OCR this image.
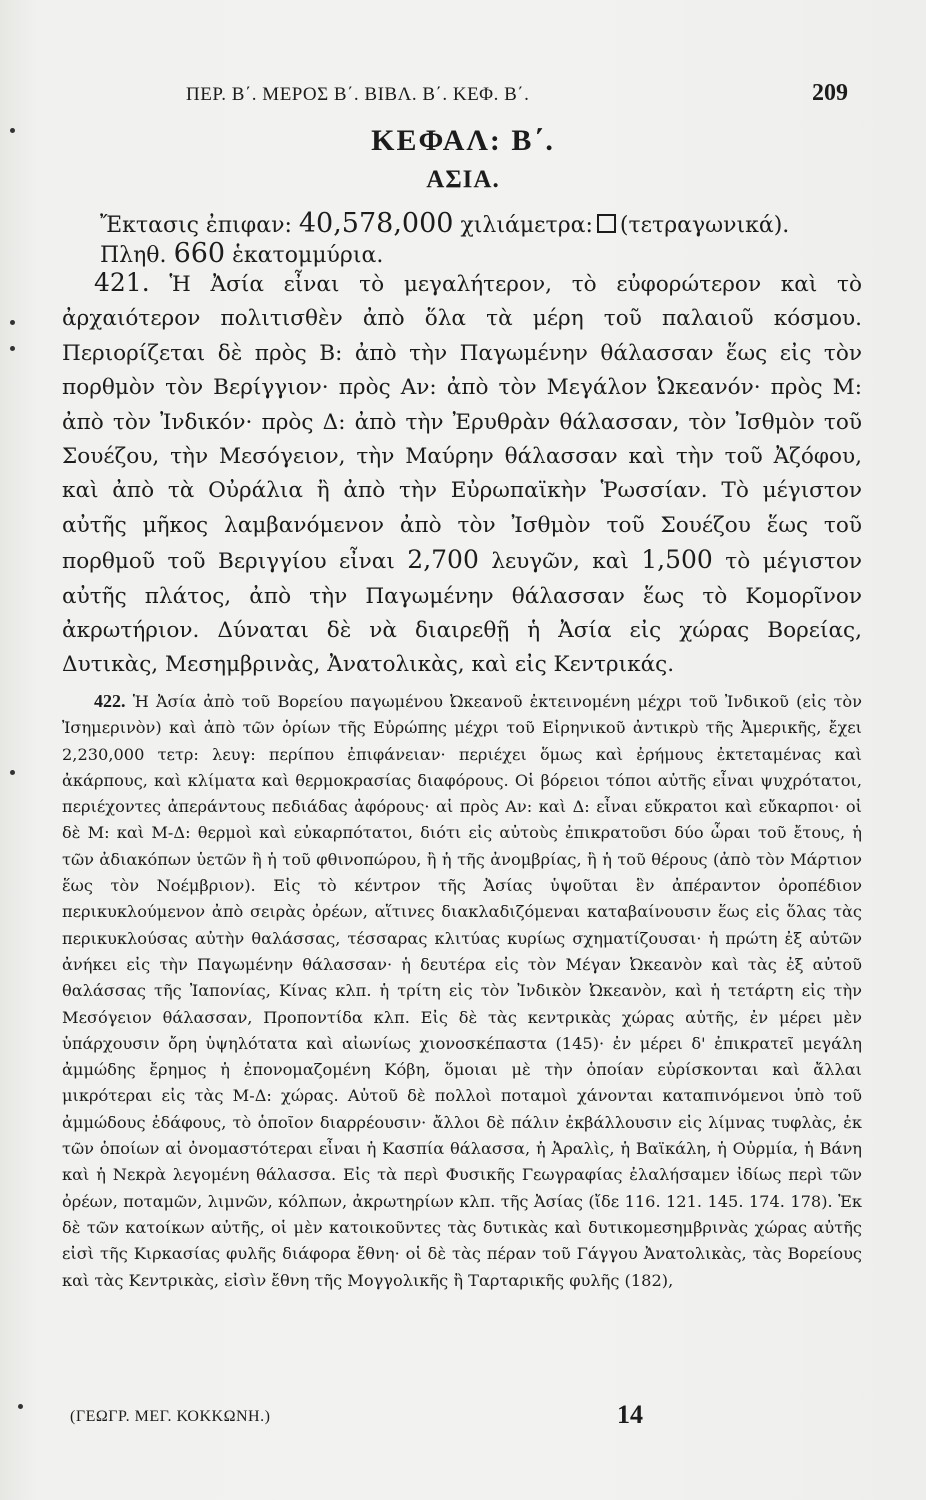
ΠΕΡ. Β΄. ΜΕΡΟΣ Β΄. ΒΙΒΛ. Β΄. ΚΕΦ. Β΄.	209
ΚΕΦΑΛ: Β΄.
ΑΣΙΑ.
Ἔκτασις ἐπιφαν: 40,578,000 χιλιάμετρα: (τετραγωνικά).
Πληθ. 660 ἑκατομμύρια.
421. Ἡ Ἀσία εἶναι τὸ μεγαλήτερον, τὸ εὐφορώτερον καὶ τὸ ἀρχαιότερον πολιτισθὲν ἀπὸ ὅλα τὰ μέρη τοῦ παλαιοῦ κόσμου. Περιορίζεται δὲ πρὸς Β: ἀπὸ τὴν Παγωμένην θάλασσαν ἕως εἰς τὸν πορθμὸν τὸν Βερίγγιον· πρὸς Αν: ἀπὸ τὸν Μεγάλον Ὠκεανόν· πρὸς Μ: ἀπὸ τὸν Ἰνδικόν· πρὸς Δ: ἀπὸ τὴν Ἐρυθρὰν θάλασσαν, τὸν Ἰσθμὸν τοῦ Σουέζου, τὴν Μεσόγειον, τὴν Μαύρην θάλασσαν καὶ τὴν τοῦ Ἀζόφου, καὶ ἀπὸ τὰ Οὐράλια ἢ ἀπὸ τὴν Εὐρωπαϊκὴν Ῥωσσίαν. Τὸ μέγιστον αὐτῆς μῆκος λαμβανόμενον ἀπὸ τὸν Ἰσθμὸν τοῦ Σουέζου ἕως τοῦ πορθμοῦ τοῦ Βεριγγίου εἶναι 2,700 λευγῶν, καὶ 1,500 τὸ μέγιστον αὐτῆς πλάτος, ἀπὸ τὴν Παγωμένην θάλασσαν ἕως τὸ Κομορῖνον ἀκρωτήριον. Δύναται δὲ νὰ διαιρεθῇ ἡ Ἀσία εἰς χώρας Βορείας, Δυτικὰς, Μεσημβρινὰς, Ἀνατολικὰς, καὶ εἰς Κεντρικάς.
422. Ἡ Ἀσία ἀπὸ τοῦ Βορείου παγωμένου Ὠκεανοῦ ἐκτεινομένη μέχρι τοῦ Ἰνδικοῦ (εἰς τὸν Ἰσημερινὸν) καὶ ἀπὸ τῶν ὁρίων τῆς Εὐρώπης μέχρι τοῦ Εἰρηνικοῦ ἀντικρὺ τῆς Ἀμερικῆς, ἔχει 2,230,000 τετρ: λευγ: περίπου ἐπιφάνειαν· περιέχει ὅμως καὶ ἐρήμους ἐκτεταμένας καὶ ἀκάρπους, καὶ κλίματα καὶ θερμοκρασίας διαφόρους. Οἱ βόρειοι τόποι αὐτῆς εἶναι ψυχρότατοι, περιέχοντες ἀπεράντους πεδιάδας ἀφόρους· αἱ πρὸς Αν: καὶ Δ: εἶναι εὔκρατοι καὶ εὔκαρποι· οἱ δὲ Μ: καὶ Μ-Δ: θερμοὶ καὶ εὐκαρπότατοι, διότι εἰς αὐτοὺς ἐπικρατοῦσι δύο ὧραι τοῦ ἔτους, ἡ τῶν ἀδιακόπων ὑετῶν ἢ ἡ τοῦ φθινοπώρου, ἢ ἡ τῆς ἀνομβρίας, ἢ ἡ τοῦ θέρους (ἀπὸ τὸν Μάρτιον ἕως τὸν Νοέμβριον). Εἰς τὸ κέντρον τῆς Ἀσίας ὑψοῦται ἓν ἀπέραντον ὀροπέδιον περικυκλούμενον ἀπὸ σειρὰς ὀρέων, αἵτινες διακλαδιζόμεναι καταβαίνουσιν ἕως εἰς ὅλας τὰς περικυκλούσας αὐτὴν θαλάσσας, τέσσαρας κλιτύας κυρίως σχηματίζουσαι· ἡ πρώτη ἐξ αὐτῶν ἀνήκει εἰς τὴν Παγωμένην θάλασσαν· ἡ δευτέρα εἰς τὸν Μέγαν Ὠκεανὸν καὶ τὰς ἐξ αὐτοῦ θαλάσσας τῆς Ἰαπονίας, Κίνας κλπ. ἡ τρίτη εἰς τὸν Ἰνδικὸν Ὠκεανὸν, καὶ ἡ τετάρτη εἰς τὴν Μεσόγειον θάλασσαν, Προποντίδα κλπ. Εἰς δὲ τὰς κεντρικὰς χώρας αὐτῆς, ἐν μέρει μὲν ὑπάρχουσιν ὄρη ὑψηλότατα καὶ αἰωνίως χιονοσκέπαστα (145)· ἐν μέρει δ' ἐπικρατεῖ μεγάλη ἀμμώδης ἔρημος ἡ ἐπονομαζομένη Κόβη, ὅμοιαι μὲ τὴν ὁποίαν εὑρίσκονται καὶ ἄλλαι μικρότεραι εἰς τὰς Μ-Δ: χώρας. Αὐτοῦ δὲ πολλοὶ ποταμοὶ χάνονται καταπινόμενοι ὑπὸ τοῦ ἀμμώδους ἐδάφους, τὸ ὁποῖον διαρρέουσιν· ἄλλοι δὲ πάλιν ἐκβάλλουσιν εἰς λίμνας τυφλὰς, ἐκ τῶν ὁποίων αἱ ὀνομαστότεραι εἶναι ἡ Κασπία θάλασσα, ἡ Ἀραλὶς, ἡ Βαϊκάλη, ἡ Οὐρμία, ἡ Βάνη καὶ ἡ Νεκρὰ λεγομένη θάλασσα. Εἰς τὰ περὶ Φυσικῆς Γεωγραφίας ἐλαλήσαμεν ἰδίως περὶ τῶν ὀρέων, ποταμῶν, λιμνῶν, κόλπων, ἀκρωτηρίων κλπ. τῆς Ἀσίας (ἴδε 116. 121. 145. 174. 178). Ἐκ δὲ τῶν κατοίκων αὐτῆς, οἱ μὲν κατοικοῦντες τὰς δυτικὰς καὶ δυτικομεσημβρινὰς χώρας αὐτῆς εἰσὶ τῆς Κιρκασίας φυλῆς διάφορα ἔθνη· οἱ δὲ τὰς πέραν τοῦ Γάγγου Ἀνατολικὰς, τὰς Βορείους καὶ τὰς Κεντρικὰς, εἰσὶν ἔθνη τῆς Μογγολικῆς ἢ Ταρταρικῆς φυλῆς (182),
(ΓΕΩΓΡ. ΜΕΓ. ΚΟΚΚΩΝΗ.)	14
